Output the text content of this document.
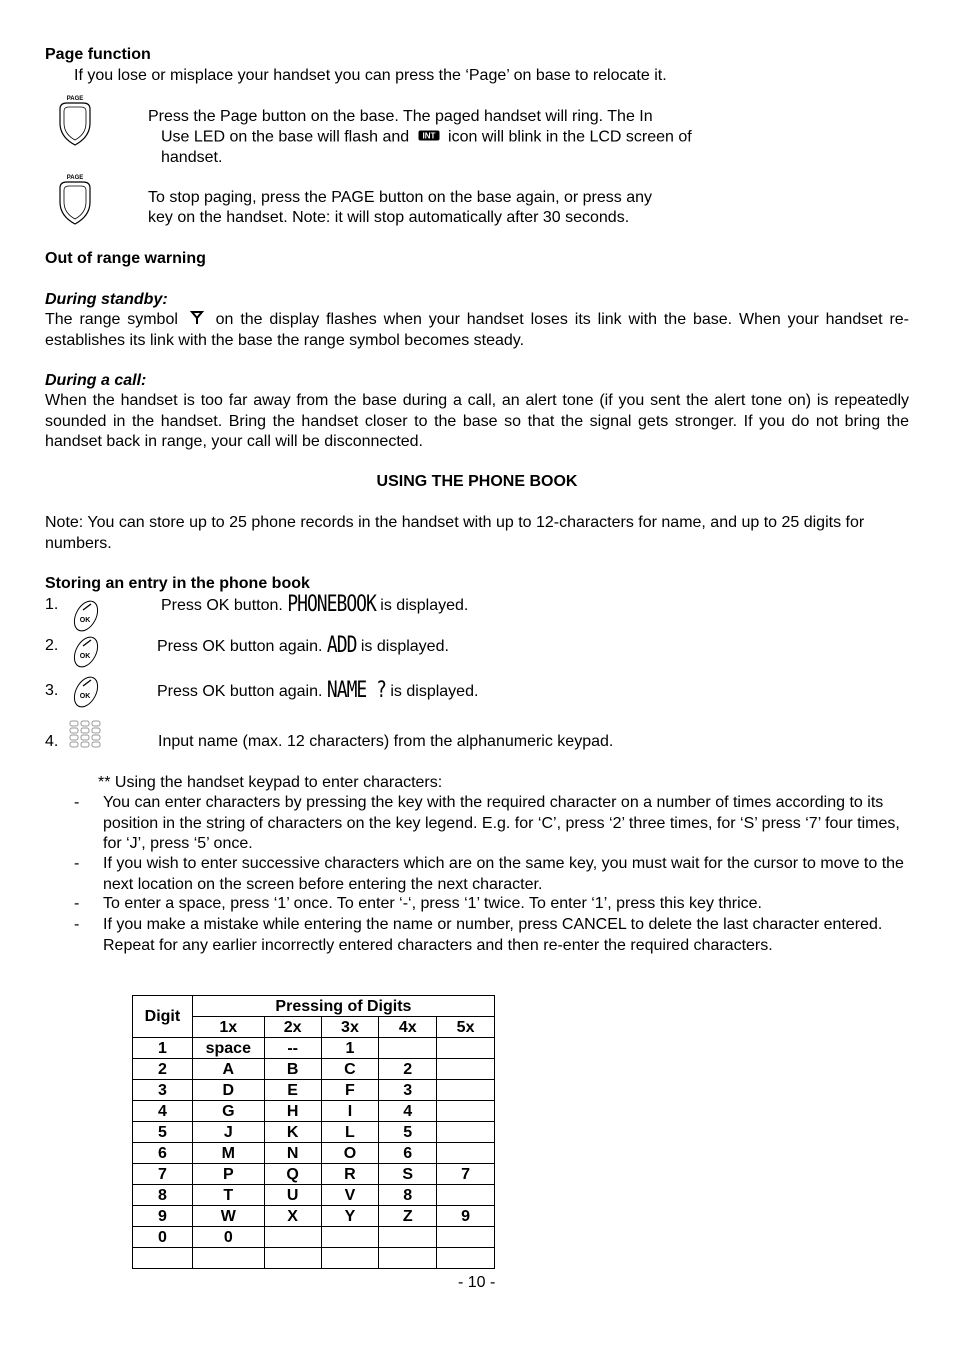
Page function
If you lose or misplace your handset you can press the ‘Page’ on base to relocate it.
PAGE
Press the Page button on the base. The paged handset will ring. The In
Use LED on the base will flash and INT icon will blink in the LCD screen of
handset.
PAGE
To stop paging, press the PAGE button on the base again, or press any
key on the handset. Note: it will stop automatically after 30 seconds.
Out of range warning
During standby:
The range symbol on the display flashes when your handset loses its link with the base. When your handset re-establishes its link with the base the range symbol becomes steady.
During a call:
When the handset is too far away from the base during a call, an alert tone (if you sent the alert tone on) is repeatedly sounded in the handset. Bring the handset closer to the base so that the signal gets stronger. If you do not bring the handset back in range, your call will be disconnected.
USING THE PHONE BOOK
Note: You can store up to 25 phone records in the handset with up to 12-characters for name, and up to 25 digits for numbers.
Storing an entry in the phone book
1.
OK
Press OK button. PHONEBOOK is displayed.
2.
OK
Press OK button again. ADD is displayed.
3.	OK	Press OK button again. NAME ? is displayed.
4.	Input name (max. 12 characters) from the alphanumeric keypad.
** Using the handset keypad to enter characters:
- You can enter characters by pressing the key with the required character on a number of times according to its position in the string of characters on the key legend. E.g. for ‘C’, press ‘2’ three times, for ‘S’ press ‘7’ four times, for ‘J’, press ‘5’ once.
- If you wish to enter successive characters which are on the same key, you must wait for the cursor to move to the next location on the screen before entering the next character.
- To enter a space, press ‘1’ once. To enter ‘-‘, press ‘1’ twice. To enter ‘1’, press this key thrice.
- If you make a mistake while entering the name or number, press CANCEL to delete the last character entered. Repeat for any earlier incorrectly entered characters and then re-enter the required characters.
Digit	Pressing of Digits				
	1x	2x	3x	4x	5x
1	space	--	1		
2	A	B	C	2	
3	D	E	F	3	
4	G	H	I	4	
5	J	K	L	5	
6	M	N	O	6	
7	P	Q	R	S	7
8	T	U	V	8	
9	W	X	Y	Z	9
0	0				

- 10 -
